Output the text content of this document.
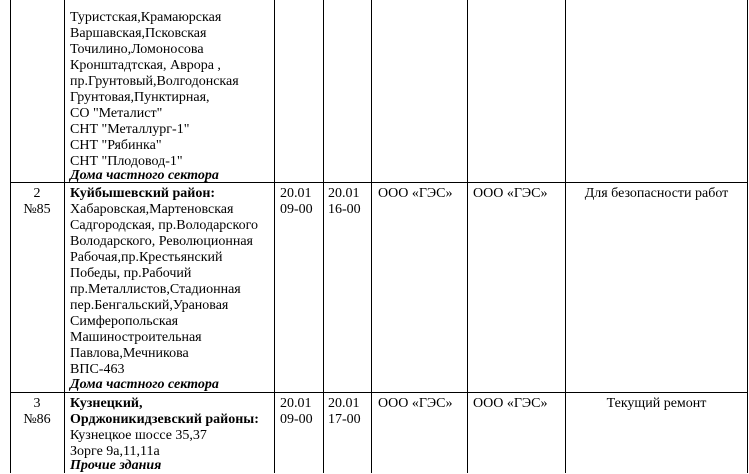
Туристская,Крамаюрская
Варшавская,Псковская
Точилино,Ломоносова
Кронштадтская, Аврора ,
пр.Грунтовый,Волгодонская
Грунтовая,Пунктирная,
СО "Металист"
СНТ "Металлург-1"
СНТ "Рябинка"
СНТ "Плодовод-1"
Дома частного сектора
2
№85
Куйбышевский район:
Хабаровская,Мартеновская
Садгородская, пр.Володарского
Володарского, Революционная
Рабочая,пр.Крестьянский
Победы, пр.Рабочий
пр.Металлистов,Стадионная
пер.Бенгальский,Урановая
Симферопольская
Машиностроительная
Павлова,Мечникова
ВПС-463
Дома частного сектора
20.01
09-00
20.01
16-00
ООО «ГЭС» ООО «ГЭС»	Для безопасности работ
3
№86
Кузнецкий,
Орджоникидзевский районы:
Кузнецкое шоссе 35,37
Зорге 9а,11,11а
Прочие здания
20.01
09-00
20.01
17-00
ООО «ГЭС» ООО «ГЭС»	Текущий ремонт
